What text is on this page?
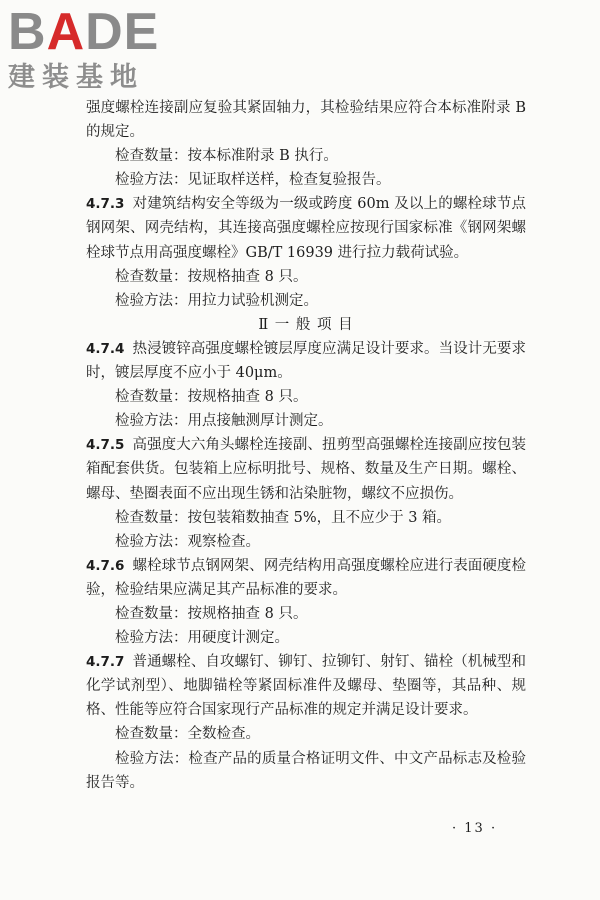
BADE
建装基地

强度螺栓连接副应复验其紧固轴力，其检验结果应符合本标准附录 B 的规定。

检查数量：按本标准附录 B 执行。

检验方法：见证取样送样，检查复验报告。

4.7.3 对建筑结构安全等级为一级或跨度 60m 及以上的螺栓球节点钢网架、网壳结构，其连接高强度螺栓应按现行国家标准《钢网架螺栓球节点用高强度螺栓》GB/T 16939 进行拉力载荷试验。

检查数量：按规格抽查 8 只。

检验方法：用拉力试验机测定。

Ⅱ 一 般 项 目

4.7.4 热浸镀锌高强度螺栓镀层厚度应满足设计要求。当设计无要求时，镀层厚度不应小于 40μm。

检查数量：按规格抽查 8 只。

检验方法：用点接触测厚计测定。

4.7.5 高强度大六角头螺栓连接副、扭剪型高强螺栓连接副应按包装箱配套供货。包装箱上应标明批号、规格、数量及生产日期。螺栓、螺母、垫圈表面不应出现生锈和沾染脏物，螺纹不应损伤。

检查数量：按包装箱数抽查 5%，且不应少于 3 箱。

检验方法：观察检查。

4.7.6 螺栓球节点钢网架、网壳结构用高强度螺栓应进行表面硬度检验，检验结果应满足其产品标准的要求。

检查数量：按规格抽查 8 只。

检验方法：用硬度计测定。

4.7.7 普通螺栓、自攻螺钉、铆钉、拉铆钉、射钉、锚栓（机械型和化学试剂型）、地脚锚栓等紧固标准件及螺母、垫圈等，其品种、规格、性能等应符合国家现行产品标准的规定并满足设计要求。

检查数量：全数检查。

检验方法：检查产品的质量合格证明文件、中文产品标志及检验报告等。

· 13 ·
